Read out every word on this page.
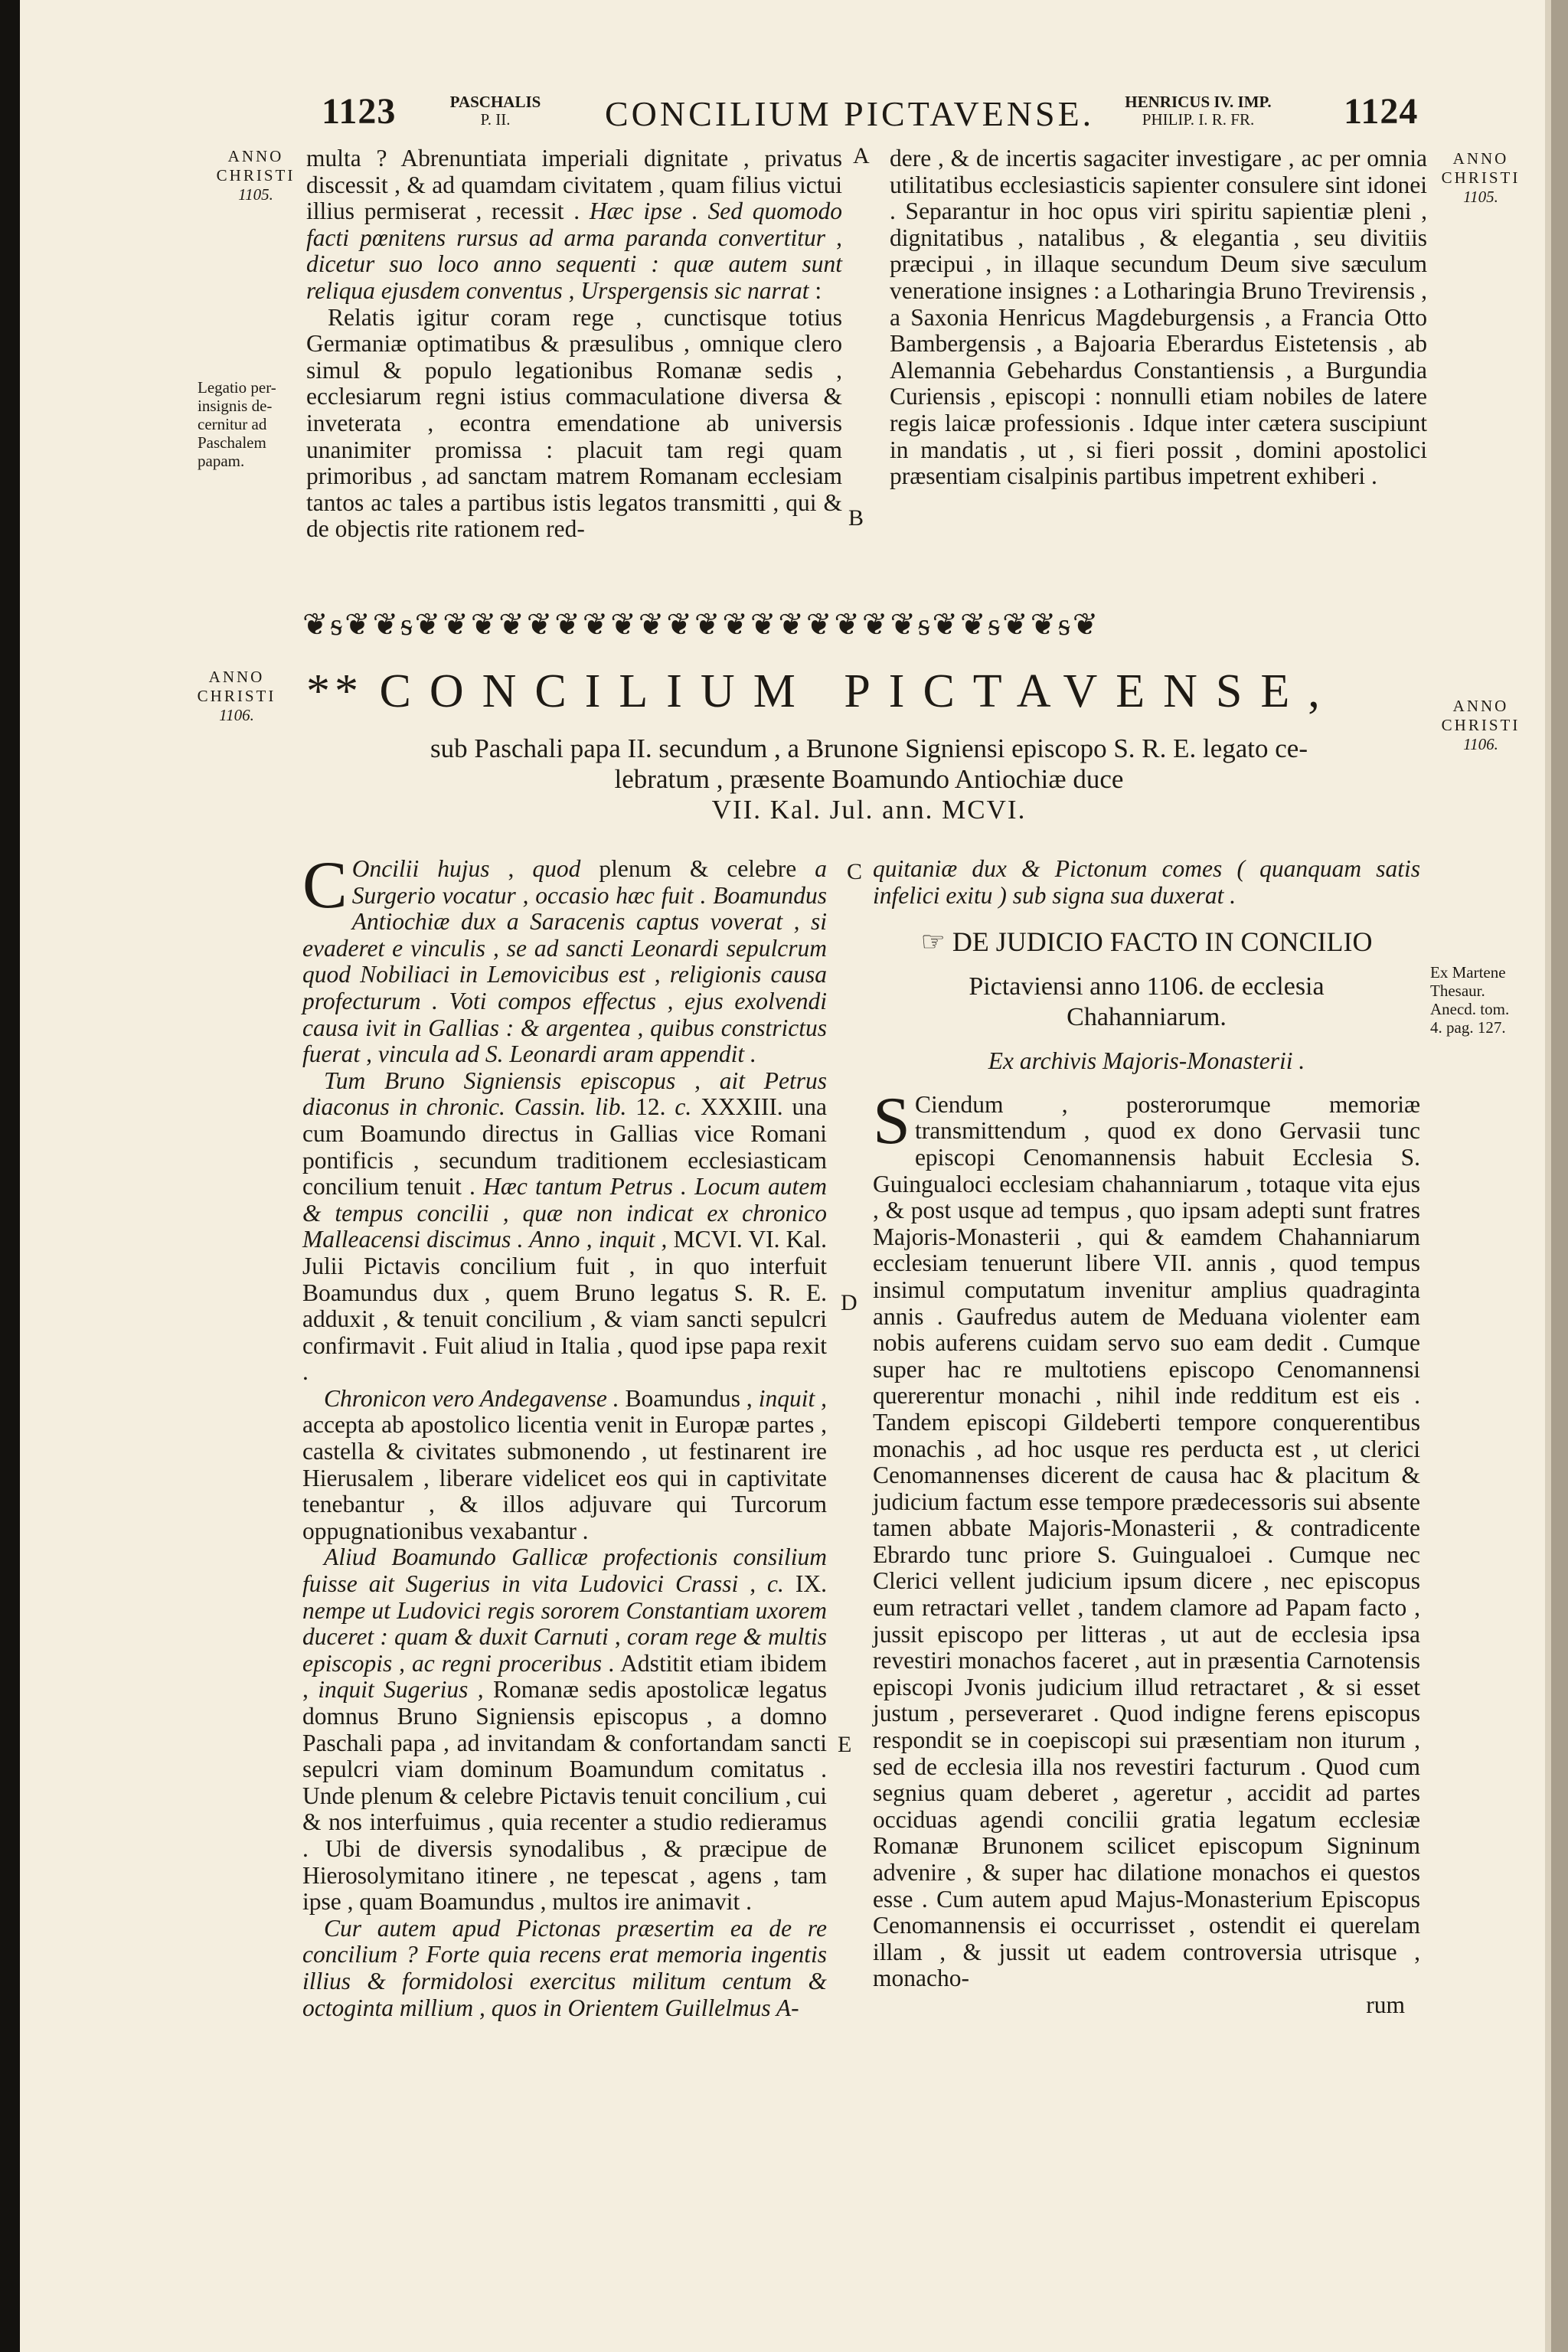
1123	PASCHALIS
P. II.	CONCILIUM PICTAVENSE.	HENRICUS IV. IMP.
PHILIP. I. R. FR.	1124
ANNO
CHRISTI
1105.
ANNO
CHRISTI
1105.
Legatio per-
insignis de-
cernitur ad
Paschalem
papam.
A
B

multa ? Abrenuntiata imperiali dignitate , privatus discessit , & ad quamdam civitatem , quam filius victui illius permiserat , recessit . Hæc ipse . Sed quomodo facti pœnitens rursus ad arma paranda convertitur , dicetur suo loco anno sequenti : quæ autem sunt reliqua ejusdem conventus , Urspergensis sic narrat :

Relatis igitur coram rege , cunctisque totius Germaniæ optimatibus & præsulibus , omnique clero simul & populo legationibus Romanæ sedis , ecclesiarum regni istius commaculatione diversa & inveterata , econtra emendatione ab universis unanimiter promissa : placuit tam regi quam primoribus , ad sanctam matrem Romanam ecclesiam tantos ac tales a partibus istis legatos transmitti , qui & de objectis rite rationem red-

dere , & de incertis sagaciter investigare , ac per omnia utilitatibus ecclesiasticis sapienter consulere sint idonei . Separantur in hoc opus viri spiritu sapientiæ pleni , dignitatibus , natalibus , & elegantia , seu divitiis præcipui , in illaque secundum Deum sive sæculum veneratione insignes : a Lotharingia Bruno Trevirensis , a Saxonia Henricus Magdeburgensis , a Francia Otto Bambergensis , a Bajoaria Eberardus Eistetensis , ab Alemannia Gebehardus Constantiensis , a Burgundia Curiensis , episcopi : nonnulli etiam nobiles de latere regis laicæ professionis . Idque inter cætera suscipiunt in mandatis , ut , si fieri possit , domini apostolici præsentiam cisalpinis partibus impetrent exhiberi .

❦ᵴ❦❦ᵴ❦❦❦❦❦❦❦❦❦❦❦❦❦❦❦❦❦❦ᵴ❦❦ᵴ❦❦ᵴ❦
ANNO
CHRISTI
1106.	ANNO
CHRISTI
1106.
** CONCILIUM PICTAVENSE,
sub Paschali papa II. secundum , a Brunone Signiensi episcopo S. R. E. legato ce-
lebratum , præsente Boamundo Antiochiæ duce
VII. Kal. Jul. ann. MCVI.
C
D
E
Ex Martene
Thesaur.
Anecd. tom.
4. pag. 127.

C Oncilii hujus , quod plenum & celebre a Surgerio vocatur , occasio hæc fuit . Boamundus Antiochiæ dux a Saracenis captus voverat , si evaderet e vinculis , se ad sancti Leonardi sepulcrum quod Nobiliaci in Lemovicibus est , religionis causa profecturum . Voti compos effectus , ejus exolvendi causa ivit in Gallias : & argentea , quibus constrictus fuerat , vincula ad S. Leonardi aram appendit .

Tum Bruno Signiensis episcopus , ait Petrus diaconus in chronic. Cassin. lib. 12. c. XXXIII. una cum Boamundo directus in Gallias vice Romani pontificis , secundum traditionem ecclesiasticam concilium tenuit . Hæc tantum Petrus . Locum autem & tempus concilii , quæ non indicat ex chronico Malleacensi discimus . Anno , inquit , MCVI. VI. Kal. Julii Pictavis concilium fuit , in quo interfuit Boamundus dux , quem Bruno legatus S. R. E. adduxit , & tenuit concilium , & viam sancti sepulcri confirmavit . Fuit aliud in Italia , quod ipse papa rexit .

Chronicon vero Andegavense . Boamundus , inquit , accepta ab apostolico licentia venit in Europæ partes , castella & civitates submonendo , ut festinarent ire Hierusalem , liberare videlicet eos qui in captivitate tenebantur , & illos adjuvare qui Turcorum oppugnationibus vexabantur .

Aliud Boamundo Gallicæ profectionis consilium fuisse ait Sugerius in vita Ludovici Crassi , c. IX. nempe ut Ludovici regis sororem Constantiam uxorem duceret : quam & duxit Carnuti , coram rege & multis episcopis , ac regni proceribus . Adstitit etiam ibidem , inquit Sugerius , Romanæ sedis apostolicæ legatus domnus Bruno Signiensis episcopus , a domno Paschali papa , ad invitandam & confortandam sancti sepulcri viam dominum Boamundum comitatus . Unde plenum & celebre Pictavis tenuit concilium , cui & nos interfuimus , quia recenter a studio redieramus . Ubi de diversis synodalibus , & præcipue de Hierosolymitano itinere , ne tepescat , agens , tam ipse , quam Boamundus , multos ire animavit .

Cur autem apud Pictonas præsertim ea de re concilium ? Forte quia recens erat memoria ingentis illius & formidolosi exercitus militum centum & octoginta millium , quos in Orientem Guillelmus A-

quitaniæ dux & Pictonum comes ( quanquam satis infelici exitu ) sub signa sua duxerat .

☞ DE JUDICIO FACTO IN CONCILIO
Pictaviensi anno 1106. de ecclesia
Chahanniarum.
Ex archivis Majoris-Monasterii .

S Ciendum , posterorumque memoriæ transmittendum , quod ex dono Gervasii tunc episcopi Cenomannensis habuit Ecclesia S. Guingualoci ecclesiam chahanniarum , totaque vita ejus , & post usque ad tempus , quo ipsam adepti sunt fratres Majoris-Monasterii , qui & eamdem Chahanniarum ecclesiam tenuerunt libere VII. annis , quod tempus insimul computatum invenitur amplius quadraginta annis . Gaufredus autem de Meduana violenter eam nobis auferens cuidam servo suo eam dedit . Cumque super hac re multotiens episcopo Cenomannensi quererentur monachi , nihil inde redditum est eis . Tandem episcopi Gildeberti tempore conquerentibus monachis , ad hoc usque res perducta est , ut clerici Cenomannenses dicerent de causa hac & placitum & judicium factum esse tempore prædecessoris sui absente tamen abbate Majoris-Monasterii , & contradicente Ebrardo tunc priore S. Guingualoei . Cumque nec Clerici vellent judicium ipsum dicere , nec episcopus eum retractari vellet , tandem clamore ad Papam facto , jussit episcopo per litteras , ut aut de ecclesia ipsa revestiri monachos faceret , aut in præsentia Carnotensis episcopi Jvonis judicium illud retractaret , & si esset justum , perseveraret . Quod indigne ferens episcopus respondit se in coepiscopi sui præsentiam non iturum , sed de ecclesia illa nos revestiri facturum . Quod cum segnius quam deberet , ageretur , accidit ad partes occiduas agendi concilii gratia legatum ecclesiæ Romanæ Brunonem scilicet episcopum Signinum advenire , & super hac dilatione monachos ei questos esse . Cum autem apud Majus-Monasterium Episcopus Cenomannensis ei occurrisset , ostendit ei querelam illam , & jussit ut eadem controversia utrisque , monacho-

rum
